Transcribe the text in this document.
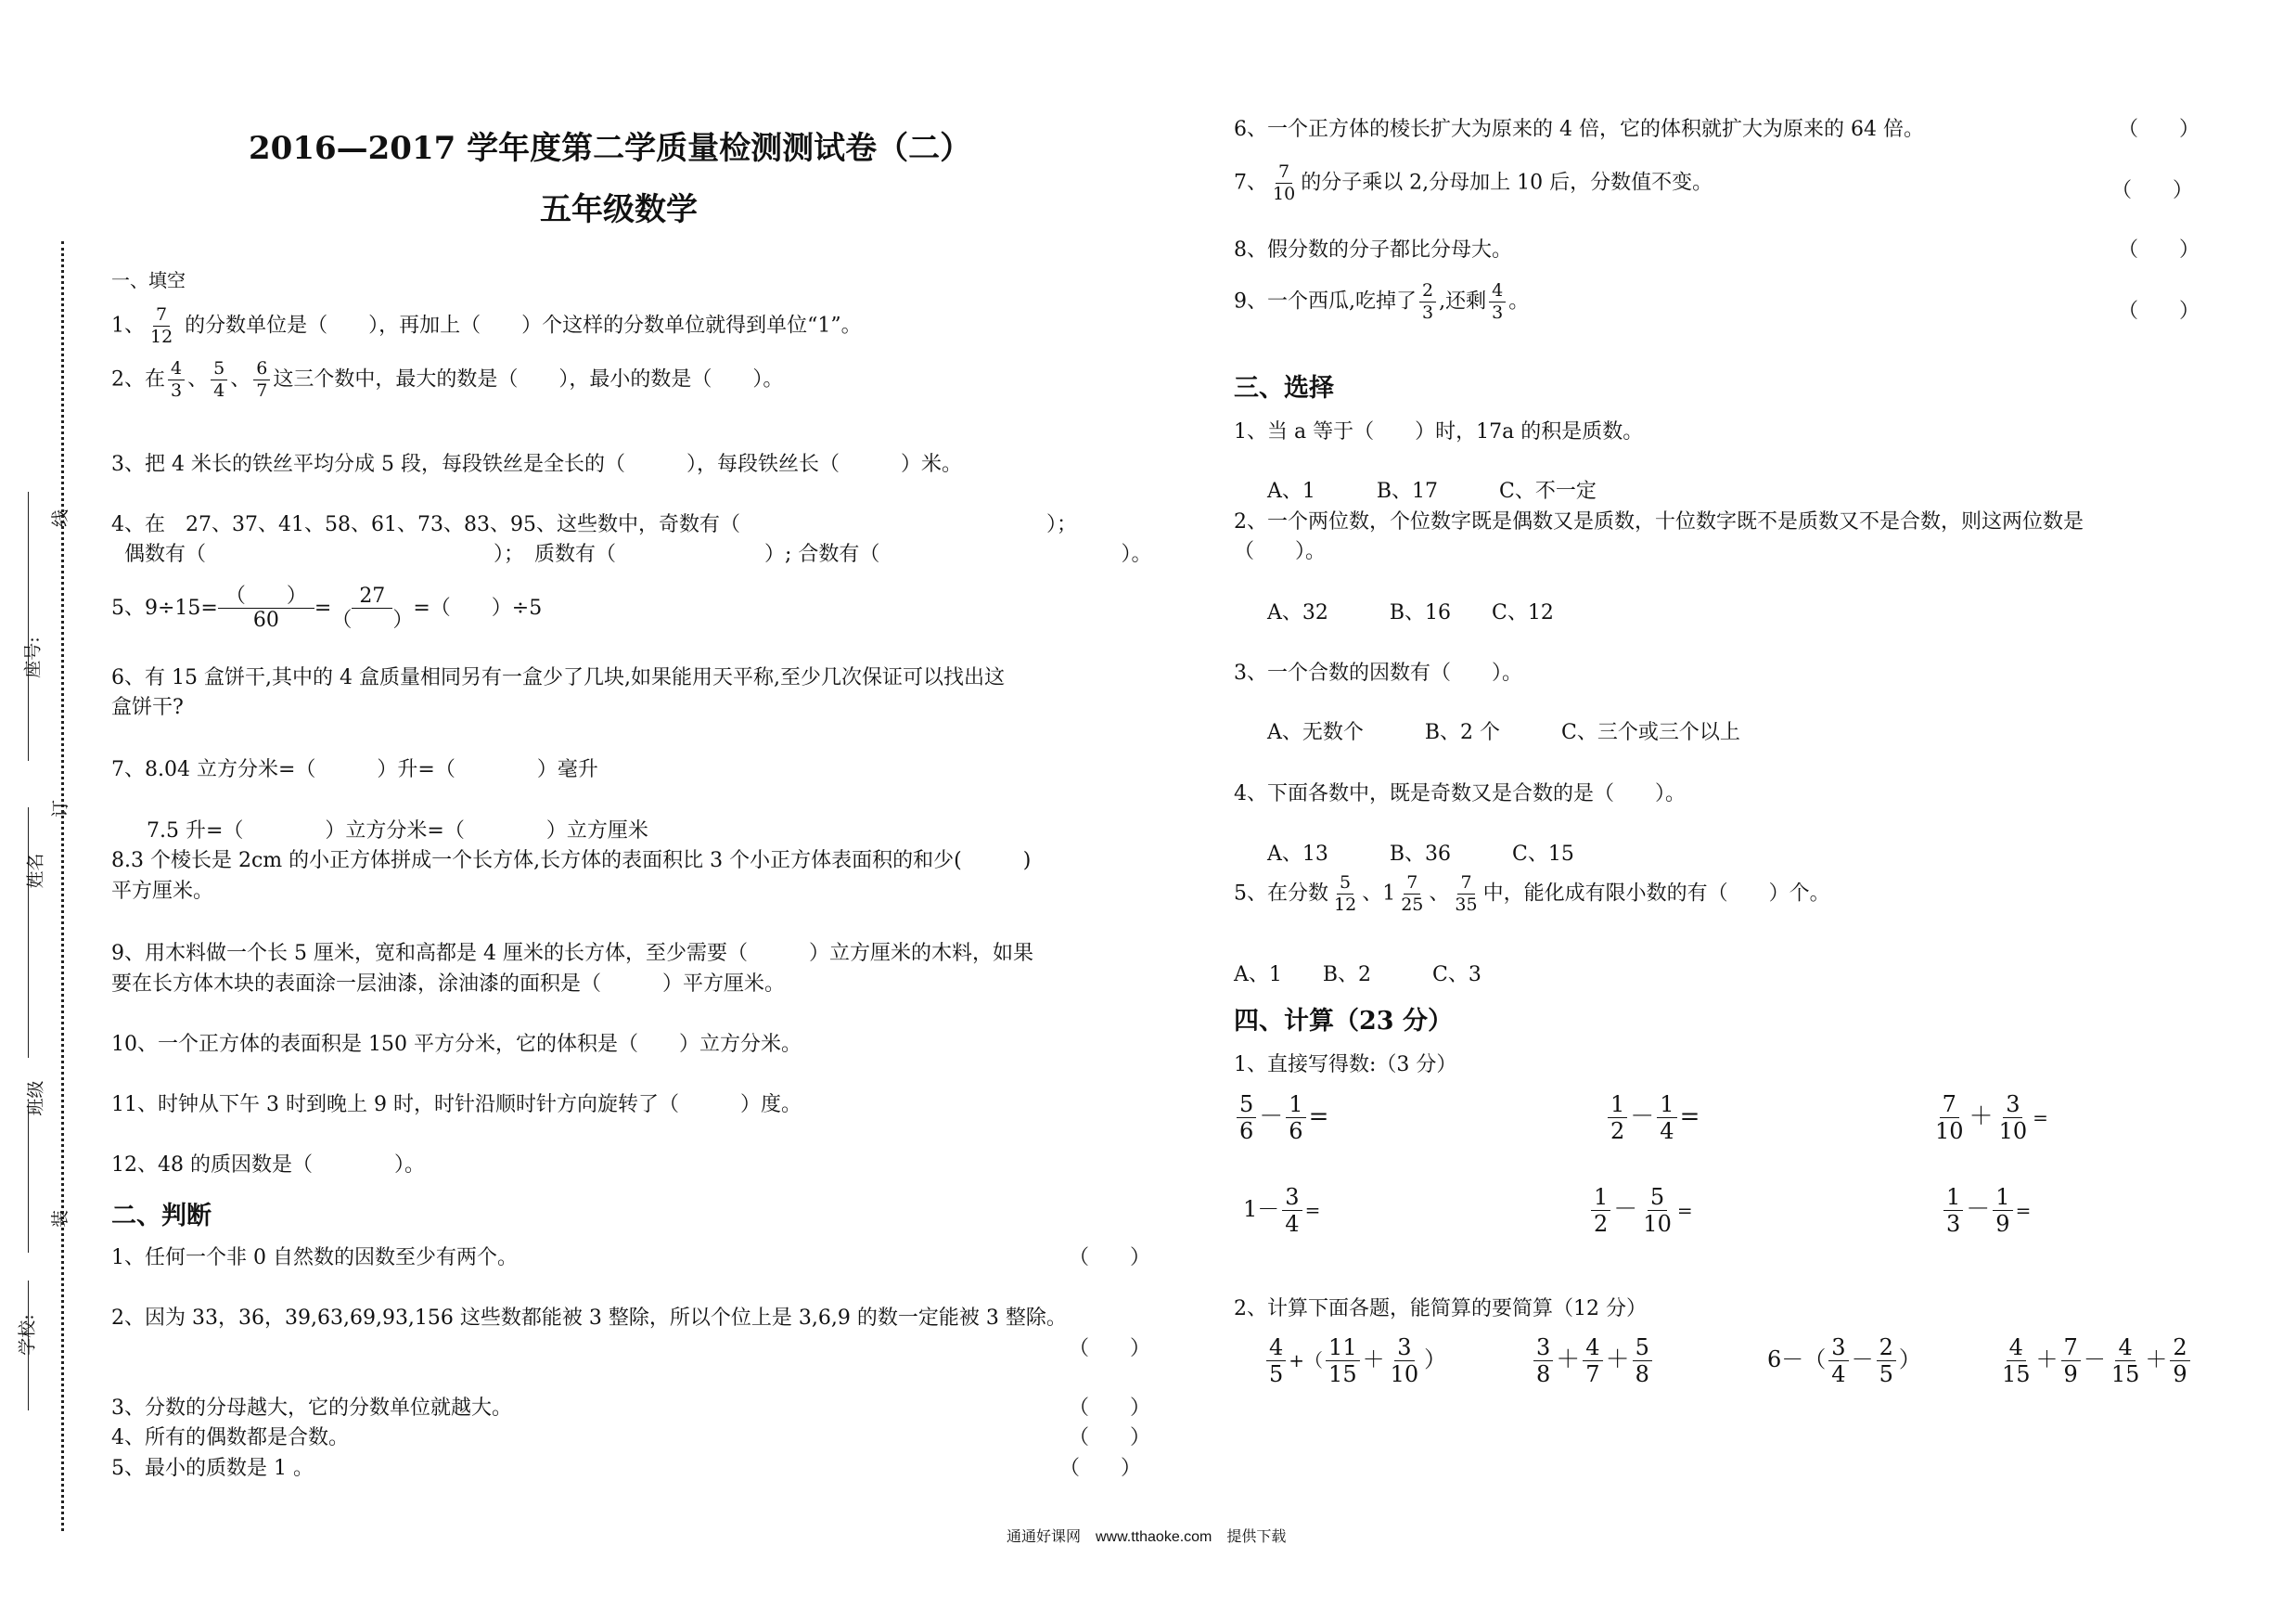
线
座号:
订
姓名
班级
装
学校:
2016—2017 学年度第二学质量检测测试卷（二）
五年级数学
一、填空
1、 $\frac{7}{12}$ 的分数单位是（　　），再加上（　　）个这样的分数单位就得到单位“1”。
2、在 $\frac{4}{3}$ 、 $\frac{5}{4}$ 、 $\frac{6}{7}$ 这三个数中，最大的数是（　　），最小的数是（　　）。
3、把 4 米长的铁丝平均分成 5 段，每段铁丝是全长的（　　　），每段铁丝长（　　　）米。
4、在　27、37、41、58、61、73、83、95、这些数中，奇数有（	）；
偶数有（	）；　质数有（	）; 合数有（	）。
5、9÷15=
（　　）
60
=
27
（　　）
=（　　）÷5
6、有 15 盒饼干,其中的 4 盒质量相同另有一盒少了几块,如果能用天平称,至少几次保证可以找出这
盒饼干?
7、8.04 立方分米=（　　　）升=（　　　　）毫升
7.5 升=（　　　　）立方分米=（　　　　）立方厘米
8.3 个棱长是 2cm 的小正方体拼成一个长方体,长方体的表面积比 3 个小正方体表面积的和少(　　　)
平方厘米。
9、用木料做一个长 5 厘米，宽和高都是 4 厘米的长方体，至少需要（　　　）立方厘米的木料，如果
要在长方体木块的表面涂一层油漆，涂油漆的面积是（　　　）平方厘米。
10、一个正方体的表面积是 150 平方分米，它的体积是（　　）立方分米。
11、时钟从下午 3 时到晚上 9 时，时针沿顺时针方向旋转了（　　　）度。
12、48 的质因数是（　　　　）。
二、判断
1、任何一个非 0 自然数的因数至少有两个。	（　　）
2、因为 33，36，39,63,69,93,156 这些数都能被 3 整除，所以个位上是 3,6,9 的数一定能被 3 整除。
（　　）
3、分数的分母越大，它的分数单位就越大。	（　　）
4、所有的偶数都是合数。	（　　）
5、最小的质数是 1 。	（　　）
6、一个正方体的棱长扩大为原来的 4 倍，它的体积就扩大为原来的 64 倍。	（　　）
7、 $\frac{7}{10}$ 的分子乘以 2,分母加上 10 后，分数值不变。	（　　）
8、假分数的分子都比分母大。	（　　）
9、一个西瓜,吃掉了 $\frac{2}{3}$ ,还剩 $\frac{4}{3}$ 。	（　　）
三、选择
1、当 a 等于（　　）时，17a 的积是质数。
A、1　　　B、17　　　C、不一定
2、一个两位数，个位数字既是偶数又是质数，十位数字既不是质数又不是合数，则这两位数是
（　　）。
A、32　　　B、16　　C、12
3、一个合数的因数有（　　）。
A、无数个　　　B、2 个　　　C、三个或三个以上
4、下面各数中，既是奇数又是合数的是（　　）。
A、13　　　B、36　　　C、15
5、在分数 $\frac{5}{12}$ 、$1 \frac{7}{25}$ 、 $\frac{7}{35}$ 中，能化成有限小数的有（　　）个。
A、1　　B、2　　　C、3
四、计算（23 分）
1、直接写得数:（3 分）
$\frac{5}{6} - \frac{1}{6}$ =	$\frac{1}{2} - \frac{1}{4}$ =	$\frac{7}{10} + \frac{3}{10}$ =
$1- \frac{3}{4}$ =	$\frac{1}{2} - \frac{5}{10}$ =	$\frac{1}{3} - \frac{1}{9}$ =
2、计算下面各题，能简算的要简算（12 分）
$\frac{4}{5}$ +（ $\frac{11}{15} + \frac{3}{10}$ ）	$\frac{3}{8} + \frac{4}{7} + \frac{5}{8}$	$6-( \frac{3}{4} - \frac{2}{5}$ ）	$\frac{4}{15} + \frac{7}{9} - \frac{4}{15} + \frac{2}{9}$
通通好课网　www.tthaoke.com　提供下载
